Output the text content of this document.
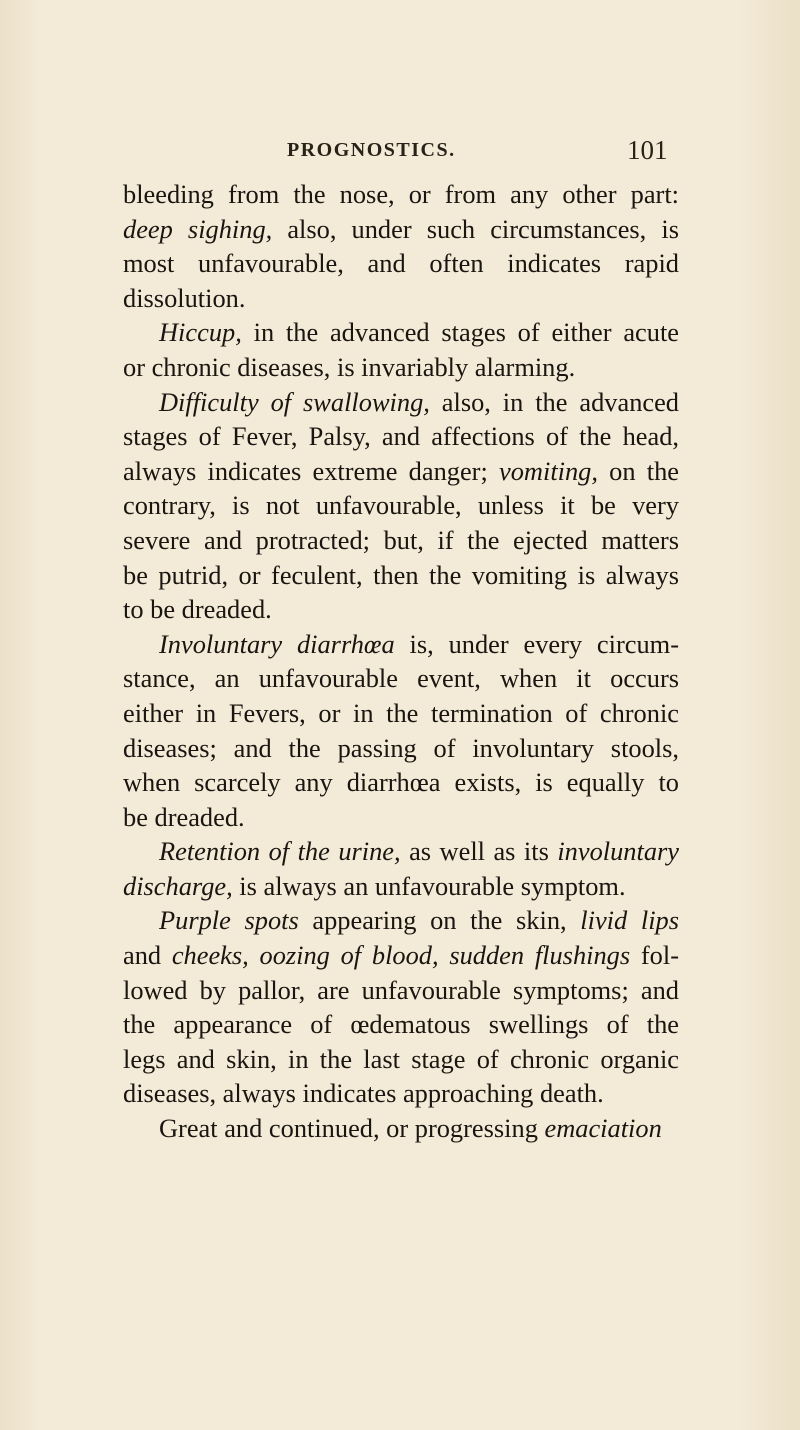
PROGNOSTICS.	101
bleeding from the nose, or from any other part:
deep sighing, also, under such circumstances, is
most unfavourable, and often indicates rapid
dissolution.
Hiccup, in the advanced stages of either acute
or chronic diseases, is invariably alarming.
Difficulty of swallowing, also, in the advanced
stages of Fever, Palsy, and affections of the head,
always indicates extreme danger; vomiting, on the
contrary, is not unfavourable, unless it be very
severe and protracted; but, if the ejected matters
be putrid, or feculent, then the vomiting is always
to be dreaded.
Involuntary diarrhœa is, under every circum-
stance, an unfavourable event, when it occurs
either in Fevers, or in the termination of chronic
diseases; and the passing of involuntary stools,
when scarcely any diarrhœa exists, is equally to
be dreaded.
Retention of the urine, as well as its involuntary
discharge, is always an unfavourable symptom.
Purple spots appearing on the skin, livid lips
and cheeks, oozing of blood, sudden flushings fol-
lowed by pallor, are unfavourable symptoms; and
the appearance of œdematous swellings of the
legs and skin, in the last stage of chronic organic
diseases, always indicates approaching death.
Great and continued, or progressing emaciation
